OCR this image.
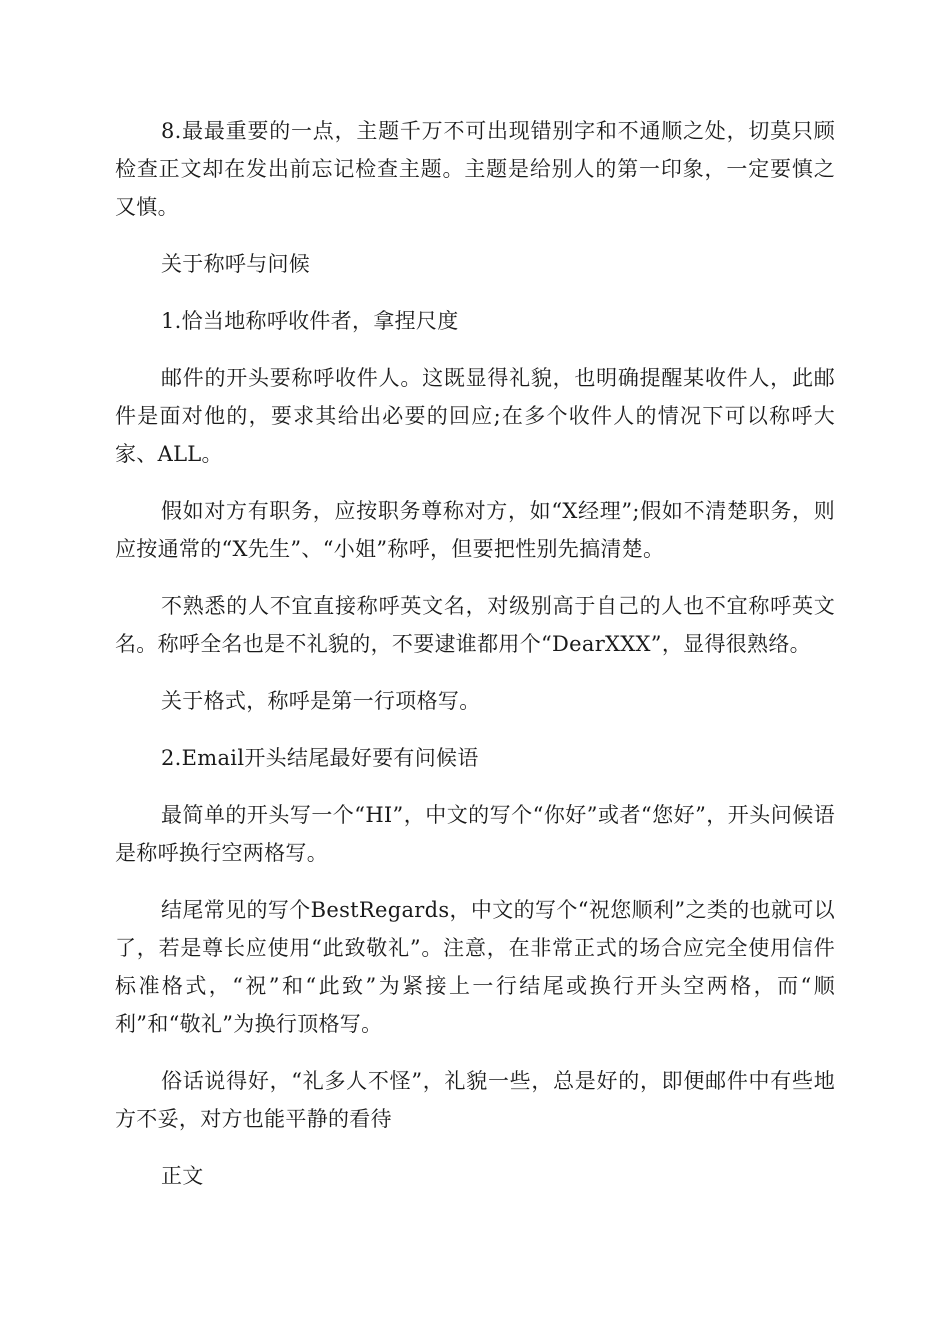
8.最最重要的一点，主题千万不可出现错别字和不通顺之处，切莫只顾检查正文却在发出前忘记检查主题。主题是给别人的第一印象，一定要慎之又慎。

关于称呼与问候

1.恰当地称呼收件者，拿捏尺度

邮件的开头要称呼收件人。这既显得礼貌，也明确提醒某收件人，此邮件是面对他的，要求其给出必要的回应;在多个收件人的情况下可以称呼大家、ALL。

假如对方有职务，应按职务尊称对方，如“X经理”;假如不清楚职务，则应按通常的“X先生”、“小姐”称呼，但要把性别先搞清楚。

不熟悉的人不宜直接称呼英文名，对级别高于自己的人也不宜称呼英文名。称呼全名也是不礼貌的，不要逮谁都用个“DearXXX”，显得很熟络。

关于格式，称呼是第一行项格写。

2.Email开头结尾最好要有问候语

最简单的开头写一个“HI”，中文的写个“你好”或者“您好”，开头问候语是称呼换行空两格写。

结尾常见的写个BestRegards，中文的写个“祝您顺利”之类的也就可以了，若是尊长应使用“此致敬礼”。注意，在非常正式的场合应完全使用信件标准格式，“祝”和“此致”为紧接上一行结尾或换行开头空两格，而“顺利”和“敬礼”为换行顶格写。

俗话说得好，“礼多人不怪”，礼貌一些，总是好的，即便邮件中有些地方不妥，对方也能平静的看待

正文
